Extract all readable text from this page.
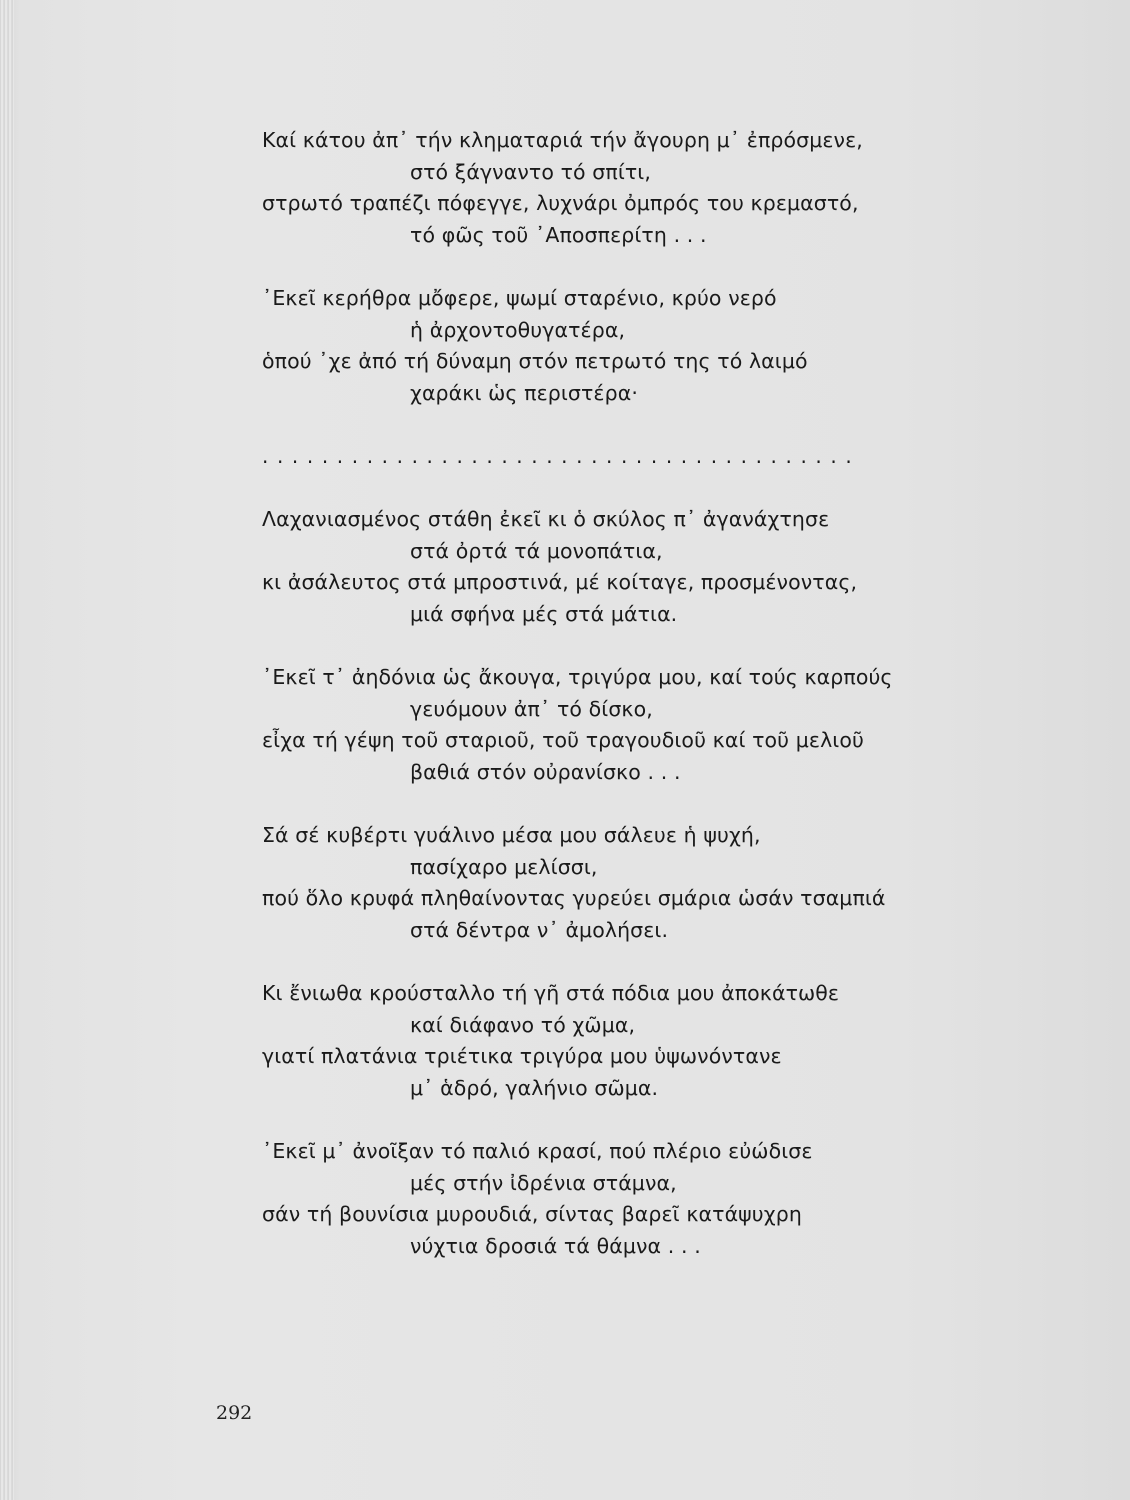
Καί κάτου ἀπ᾿ τήν κληματαριά τήν ἄγουρη μ᾿ ἐπρόσμενε,
στό ξάγναντο τό σπίτι,
στρωτό τραπέζι πόφεγγε, λυχνάρι ὀμπρός του κρεμαστό,
τό φῶς τοῦ ᾿Αποσπερίτη . . .
᾿Εκεῖ κερήθρα μὄφερε, ψωμί σταρένιο, κρύο νερό
ἡ ἀρχοντοθυγατέρα,
ὁπού ᾿χε ἀπό τή δύναμη στόν πετρωτό της τό λαιμό
χαράκι ὡς περιστέρα·
........................................
Λαχανιασμένος στάθη ἐκεῖ κι ὁ σκύλος π᾿ ἀγανάχτησε
στά ὀρτά τά μονοπάτια,
κι ἀσάλευτος στά μπροστινά, μέ κοίταγε, προσμένοντας,
μιά σφήνα μές στά μάτια.
᾿Εκεῖ τ᾿ ἀηδόνια ὡς ἄκουγα, τριγύρα μου, καί τούς καρπούς
γευόμουν ἀπ᾿ τό δίσκο,
εἶχα τή γέψη τοῦ σταριοῦ, τοῦ τραγουδιοῦ καί τοῦ μελιοῦ
βαθιά στόν οὐρανίσκο . . .
Σά σέ κυβέρτι γυάλινο μέσα μου σάλευε ἡ ψυχή,
πασίχαρο μελίσσι,
πού ὅλο κρυφά πληθαίνοντας γυρεύει σμάρια ὡσάν τσαμπιά
στά δέντρα ν᾿ ἀμολήσει.
Κι ἔνιωθα κρούσταλλο τή γῆ στά πόδια μου ἀποκάτωθε
καί διάφανο τό χῶμα,
γιατί πλατάνια τριέτικα τριγύρα μου ὑψωνόντανε
μ᾿ ἁδρό, γαλήνιο σῶμα.
᾿Εκεῖ μ᾿ ἀνοῖξαν τό παλιό κρασί, πού πλέριο εὐώδισε
μές στήν ἰδρένια στάμνα,
σάν τή βουνίσια μυρουδιά, σίντας βαρεῖ κατάψυχρη
νύχτια δροσιά τά θάμνα . . .
292
